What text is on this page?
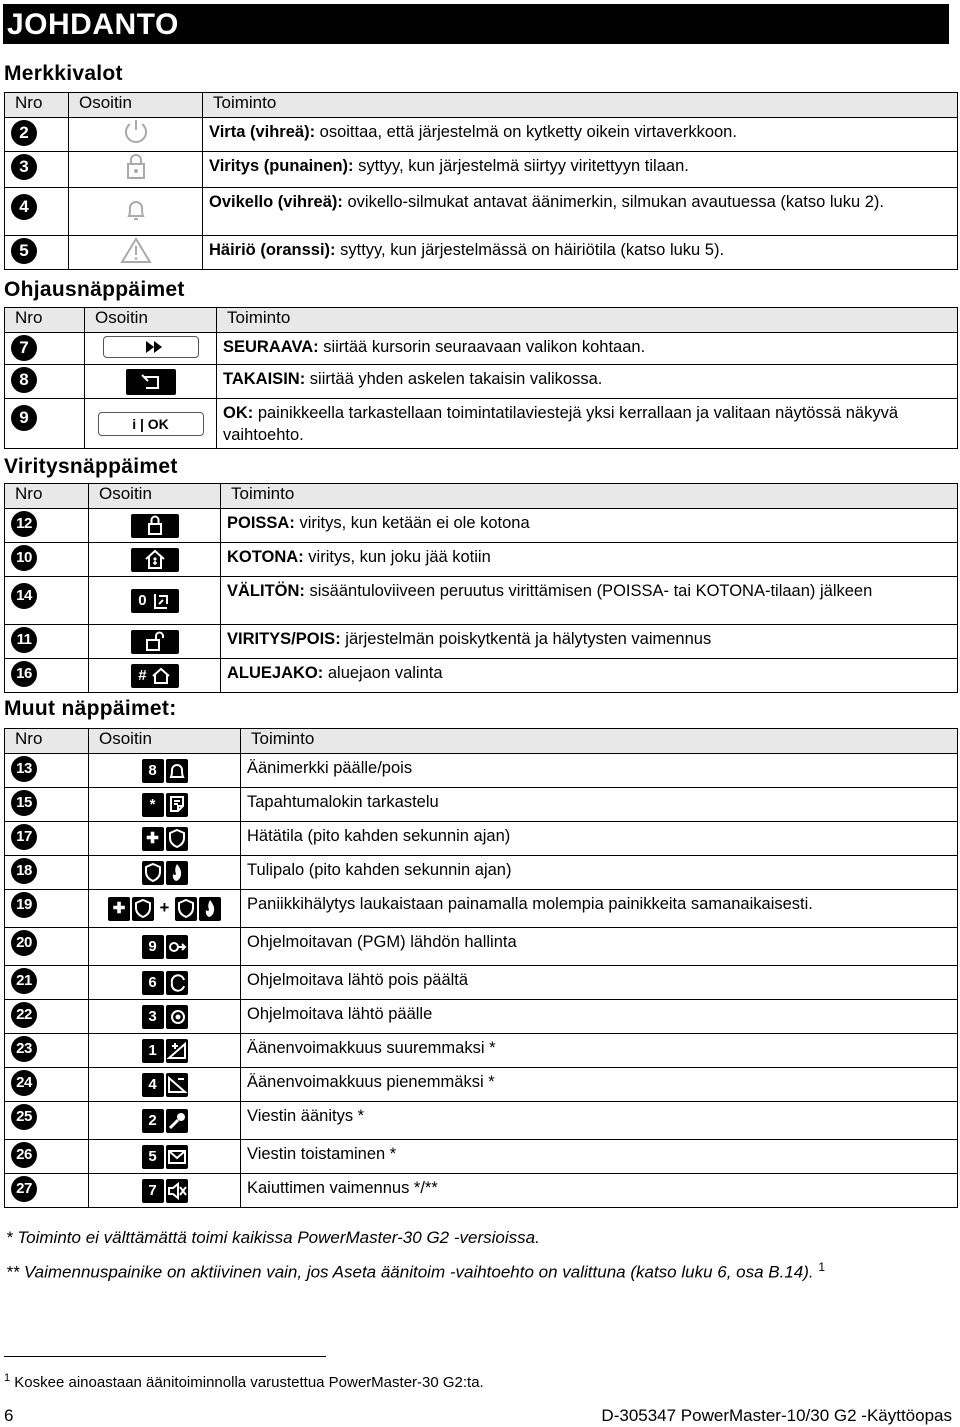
JOHDANTO
Merkkivalot
Nro	Osoitin	Toiminto
2		Virta (vihreä): osoittaa, että järjestelmä on kytketty oikein virtaverkkoon.
3		Viritys (punainen): syttyy, kun järjestelmä siirtyy viritettyyn tilaan.
4		Ovikello (vihreä): ovikello-silmukat antavat äänimerkin, silmukan avautuessa (katso luku 2).
5		Häiriö (oranssi): syttyy, kun järjestelmässä on häiriötila (katso luku 5).
Ohjausnäppäimet
Nro	Osoitin	Toiminto
7		SEURAAVA: siirtää kursorin seuraavaan valikon kohtaan.
8		TAKAISIN: siirtää yhden askelen takaisin valikossa.
9	i | OK	OK: painikkeella tarkastellaan toimintatilaviestejä yksi kerrallaan ja valitaan näytössä näkyvä vaihtoehto.
Viritysnäppäimet
Nro	Osoitin	Toiminto
12		POISSA: viritys, kun ketään ei ole kotona
10		KOTONA: viritys, kun joku jää kotiin
14	0	VÄLITÖN: sisääntuloviiveen peruutus virittämisen (POISSA- tai KOTONA-tilaan) jälkeen
11		VIRITYS/POIS: järjestelmän poiskytkentä ja hälytysten vaimennus
16	#	ALUEJAKO: aluejaon valinta
Muut näppäimet:
Nro	Osoitin	Toiminto
13	8	Äänimerkki päälle/pois
15	*	Tapahtumalokin tarkastelu
17	✚	Hätätila (pito kahden sekunnin ajan)
18		Tulipalo (pito kahden sekunnin ajan)
19	✚ +	Paniikkihälytys laukaistaan painamalla molempia painikkeita samanaikaisesti.
20	9	Ohjelmoitavan (PGM) lähdön hallinta
21	6	Ohjelmoitava lähtö pois päältä
22	3	Ohjelmoitava lähtö päälle
23	1	Äänenvoimakkuus suuremmaksi *
24	4	Äänenvoimakkuus pienemmäksi *
25	2	Viestin äänitys *
26	5	Viestin toistaminen *
27	7	Kaiuttimen vaimennus */**
* Toiminto ei välttämättä toimi kaikissa PowerMaster-30 G2 -versioissa.
** Vaimennuspainike on aktiivinen vain, jos Aseta äänitoim -vaihtoehto on valittuna (katso luku 6, osa B.14). $^1$
$^1$ Koskee ainoastaan äänitoiminnolla varustettua PowerMaster-30 G2:ta.
6	D-305347 PowerMaster-10/30 G2 -Käyttöopas
